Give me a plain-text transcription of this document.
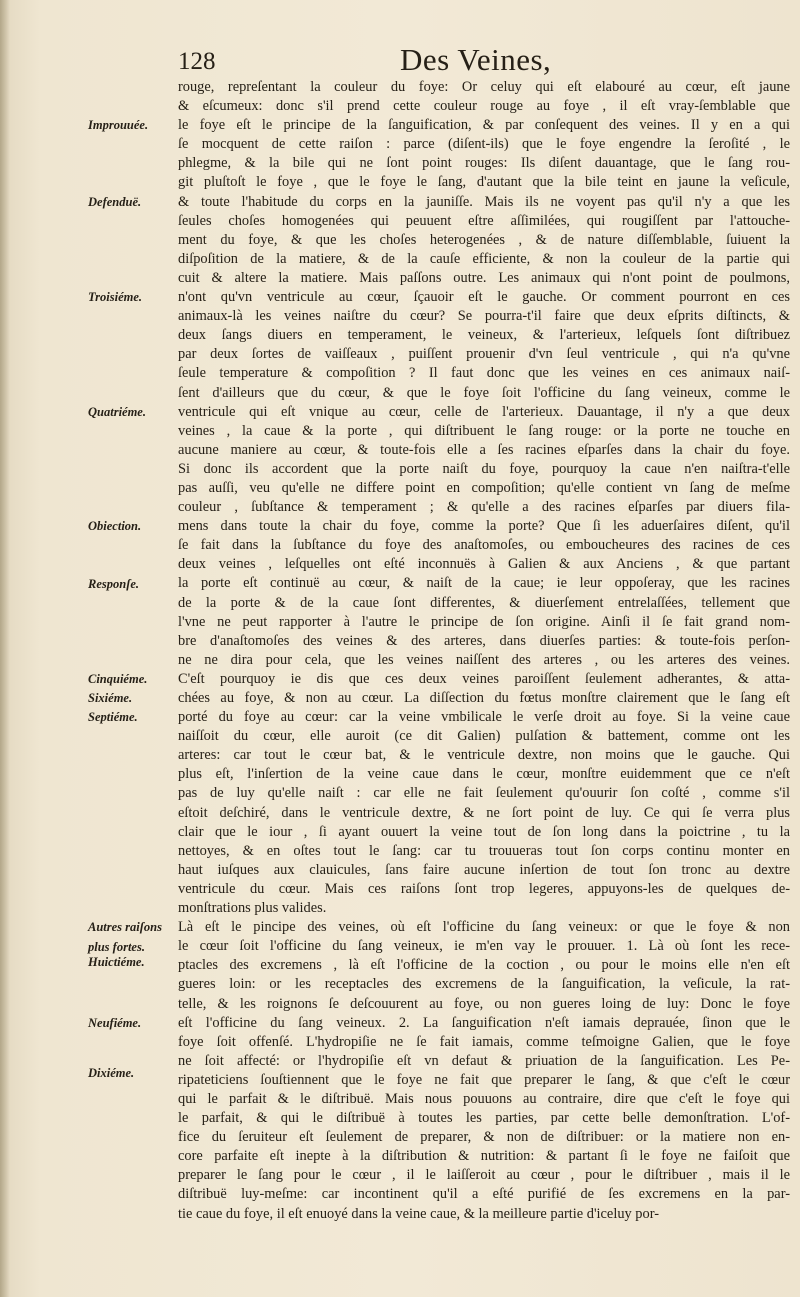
128	Des Veines,
Improuuée.
Defenduë.
Troisiéme.
Quatriéme.
Obiection.
Responſe.
Cinquiéme.
Sixiéme.
Septiéme.
Autres raiſons
plus fortes.
Huictiéme.
Neufiéme.
Dixiéme.
rouge, repreſentant la couleur du foye: Or celuy qui eſt elabouré au cœur, eſt jaune
& eſcumeux: donc s'il prend cette couleur rouge au foye , il eſt vray-ſemblable que
le foye eſt le principe de la ſanguification, & par conſequent des veines. Il y en a qui
ſe mocquent de cette raiſon : parce (diſent-ils) que le foye engendre la ſeroſité , le
phlegme, & la bile qui ne ſont point rouges: Ils diſent dauantage, que le ſang rou-
git pluſtoſt le foye , que le foye le ſang, d'autant que la bile teint en jaune la veſicule,
& toute l'habitude du corps en la jauniſſe. Mais ils ne voyent pas qu'il n'y a que les
ſeules choſes homogenées qui peuuent eſtre aſſimilées, qui rougiſſent par l'attouche-
ment du foye, & que les choſes heterogenées , & de nature diſſemblable, ſuiuent la
diſpoſition de la matiere, & de la cauſe efficiente, & non la couleur de la partie qui
cuit & altere la matiere. Mais paſſons outre. Les animaux qui n'ont point de poulmons,
n'ont qu'vn ventricule au cœur, ſçauoir eſt le gauche. Or comment pourront en ces
animaux-là les veines naiſtre du cœur? Se pourra-t'il faire que deux eſprits diſtincts, &
deux ſangs diuers en temperament, le veineux, & l'arterieux, leſquels ſont diſtribuez
par deux ſortes de vaiſſeaux , puiſſent prouenir d'vn ſeul ventricule , qui n'a qu'vne
ſeule temperature & compoſition ? Il faut donc que les veines en ces animaux naiſ-
ſent d'ailleurs que du cœur, & que le foye ſoit l'officine du ſang veineux, comme le
ventricule qui eſt vnique au cœur, celle de l'arterieux. Dauantage, il n'y a que deux
veines , la caue & la porte , qui diſtribuent le ſang rouge: or la porte ne touche en
aucune maniere au cœur, & toute-fois elle a ſes racines eſparſes dans la chair du foye.
Si donc ils accordent que la porte naiſt du foye, pourquoy la caue n'en naiſtra-t'elle
pas auſſi, veu qu'elle ne differe point en compoſition; qu'elle contient vn ſang de meſme
couleur , ſubſtance & temperament ; & qu'elle a des racines eſparſes par diuers fila-
mens dans toute la chair du foye, comme la porte? Que ſi les aduerſaires diſent, qu'il
ſe fait dans la ſubſtance du foye des anaſtomoſes, ou embouchеures des racines de ces
deux veines , leſquelles ont eſté inconnuës à Galien & aux Anciens , & que partant
la porte eſt continuë au cœur, & naiſt de la caue; ie leur oppoſeray, que les racines
de la porte & de la caue ſont differentes, & diuerſement entrelaſſées, tellement que
l'vne ne peut rapporter à l'autre le principe de ſon origine. Ainſi il ſe fait grand nom-
bre d'anaſtomoſes des veines & des arteres, dans diuerſes parties: & toute-fois perſon-
ne ne dira pour cela, que les veines naiſſent des arteres , ou les arteres des veines.
C'eſt pourquoy ie dis que ces deux veines paroiſſent ſeulement adherantes, & atta-
chées au foye, & non au cœur. La diſſection du fœtus monſtre clairement que le ſang eſt
porté du foye au cœur: car la veine vmbilicale le verſe droit au foye. Si la veine caue
naiſſoit du cœur, elle auroit (ce dit Galien) pulſation & battement, comme ont les
arteres: car tout le cœur bat, & le ventricule dextre, non moins que le gauche. Qui
plus eſt, l'inſertion de la veine caue dans le cœur, monſtre euidemment que ce n'eſt
pas de luy qu'elle naiſt : car elle ne fait ſeulement qu'ouurir ſon coſté , comme s'il
eſtoit deſchiré, dans le ventricule dextre, & ne ſort point de luy. Ce qui ſe verra plus
clair que le iour , ſi ayant ouuert la veine tout de ſon long dans la poictrine , tu la
nettoyes, & en oſtes tout le ſang: car tu trouueras tout ſon corps continu monter en
haut iuſques aux clauicules, ſans faire aucune inſertion de tout ſon tronc au dextre
ventricule du cœur. Mais ces raiſons ſont trop legeres, appuyons-les de quelques de-
monſtrations plus valides.
Là eſt le pincipe des veines, où eſt l'officine du ſang veineux: or que le foye & non
le cœur ſoit l'officine du ſang veineux, ie m'en vay le prouuer. 1. Là où ſont les rece-
ptacles des excremens , là eſt l'officine de la coction , ou pour le moins elle n'en eſt
gueres loin: or les receptacles des excremens de la ſanguification, la veſicule, la rat-
telle, & les roignons ſe deſcouurent au foye, ou non gueres loing de luy: Donc le foye
eſt l'officine du ſang veineux. 2. La ſanguification n'eſt iamais deprauée, ſinon que le
foye ſoit offenſé. L'hydropiſie ne ſe fait iamais, comme teſmoigne Galien, que le foye
ne ſoit affecté: or l'hydropiſie eſt vn defaut & priuation de la ſanguification. Les Pe-
ripateticiens ſouſtiennent que le foye ne fait que preparer le ſang, & que c'eſt le cœur
qui le parfait & le diſtribuë. Mais nous pouuons au contraire, dire que c'eſt le foye qui
le parfait, & qui le diſtribuë à toutes les parties, par cette belle demonſtration. L'of-
fice du ſeruiteur eſt ſeulement de preparer, & non de diſtribuer: or la matiere non en-
core parfaite eſt inepte à la diſtribution & nutrition: & partant ſi le foye ne faiſoit que
preparer le ſang pour le cœur , il le laiſſeroit au cœur , pour le diſtribuer , mais il le
diſtribuë luy-meſme: car incontinent qu'il a eſté purifié de ſes excremens en la par-
tie caue du foye, il eſt enuoyé dans la veine caue, & la meilleure partie d'iceluy por-
